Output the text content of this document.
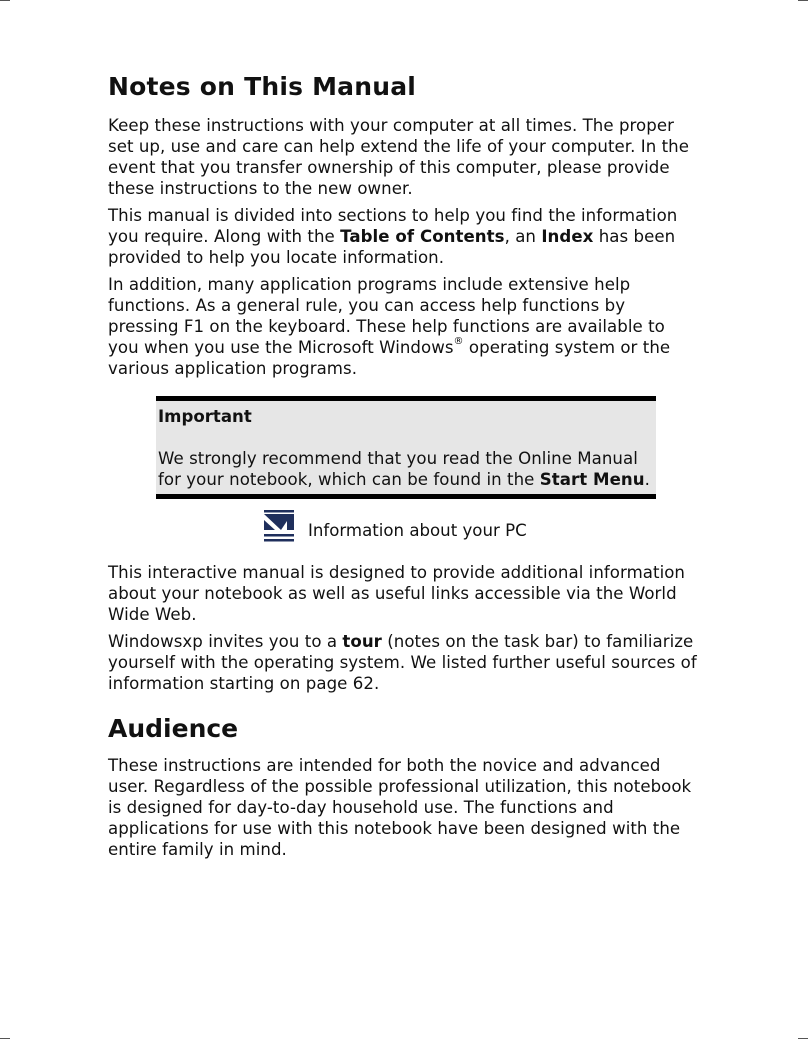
Notes on This Manual

Keep these instructions with your computer at all times. The proper set up, use and care can help extend the life of your computer. In the event that you transfer ownership of this computer, please provide these instructions to the new owner.

This manual is divided into sections to help you find the information you require. Along with the Table of Contents, an Index has been provided to help you locate information.

In addition, many application programs include extensive help functions. As a general rule, you can access help functions by pressing F1 on the keyboard. These help functions are available to you when you use the Microsoft Windows® operating system or the various application programs.

Important

We strongly recommend that you read the Online Manual for your notebook, which can be found in the Start Menu.

Information about your PC

This interactive manual is designed to provide additional information about your notebook as well as useful links accessible via the World Wide Web.

Windowsxp invites you to a tour (notes on the task bar) to familiarize yourself with the operating system. We listed further useful sources of information starting on page 62.

Audience

These instructions are intended for both the novice and advanced user. Regardless of the possible professional utilization, this notebook is designed for day-to-day household use. The functions and applications for use with this notebook have been designed with the entire family in mind.
